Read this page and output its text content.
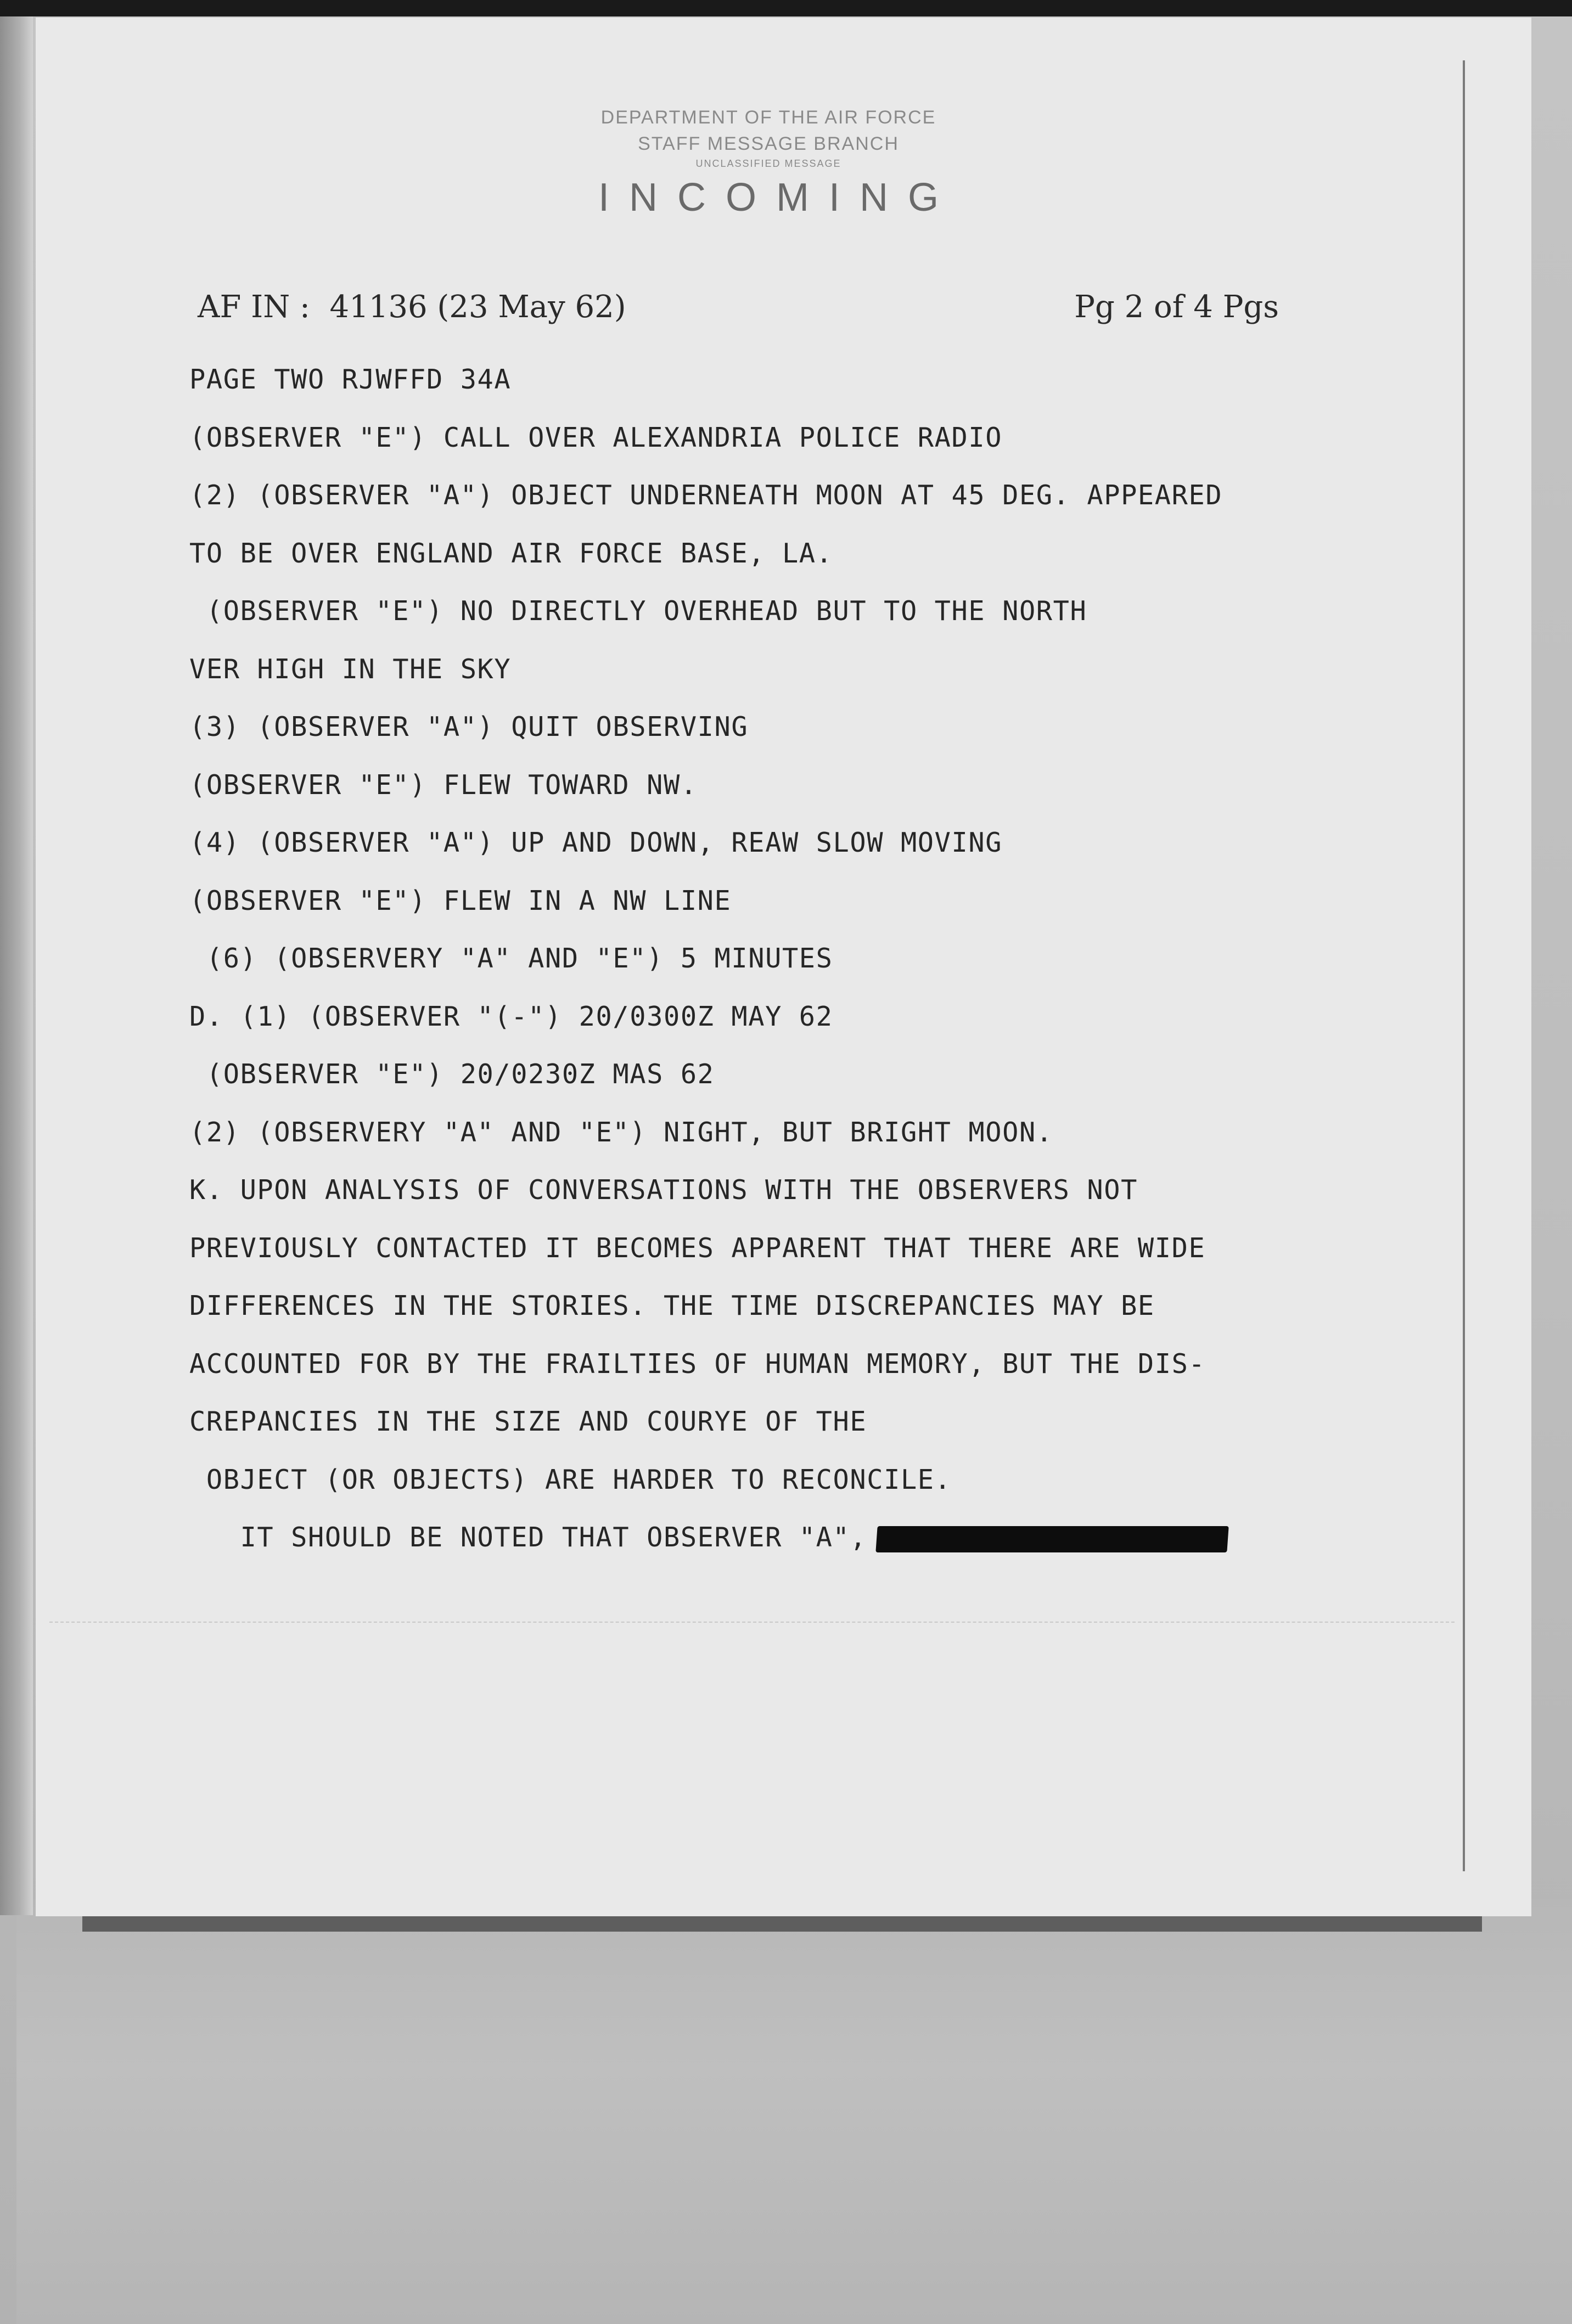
DEPARTMENT OF THE AIR FORCE
STAFF MESSAGE BRANCH
UNCLASSIFIED MESSAGE
INCOMING
AF IN :  41136 (23 May 62)	Pg 2 of 4 Pgs
PAGE TWO RJWFFD 34A
(OBSERVER "E") CALL OVER ALEXANDRIA POLICE RADIO
(2) (OBSERVER "A") OBJECT UNDERNEATH MOON AT 45 DEG. APPEARED
TO BE OVER ENGLAND AIR FORCE BASE, LA.
(OBSERVER "E") NO DIRECTLY OVERHEAD BUT TO THE NORTH
VER HIGH IN THE SKY
(3) (OBSERVER "A") QUIT OBSERVING
(OBSERVER "E") FLEW TOWARD NW.
(4) (OBSERVER "A") UP AND DOWN, REAW SLOW MOVING
(OBSERVER "E") FLEW IN A NW LINE
(6) (OBSERVERY "A" AND "E") 5 MINUTES
D. (1) (OBSERVER "(-") 20/0300Z MAY 62
(OBSERVER "E") 20/0230Z MAS 62
(2) (OBSERVERY "A" AND "E") NIGHT, BUT BRIGHT MOON.
K. UPON ANALYSIS OF CONVERSATIONS WITH THE OBSERVERS NOT
PREVIOUSLY CONTACTED IT BECOMES APPARENT THAT THERE ARE WIDE
DIFFERENCES IN THE STORIES. THE TIME DISCREPANCIES MAY BE
ACCOUNTED FOR BY THE FRAILTIES OF HUMAN MEMORY, BUT THE DIS-
CREPANCIES IN THE SIZE AND COURYE OF THE
OBJECT (OR OBJECTS) ARE HARDER TO RECONCILE.
IT SHOULD BE NOTED THAT OBSERVER "A",
